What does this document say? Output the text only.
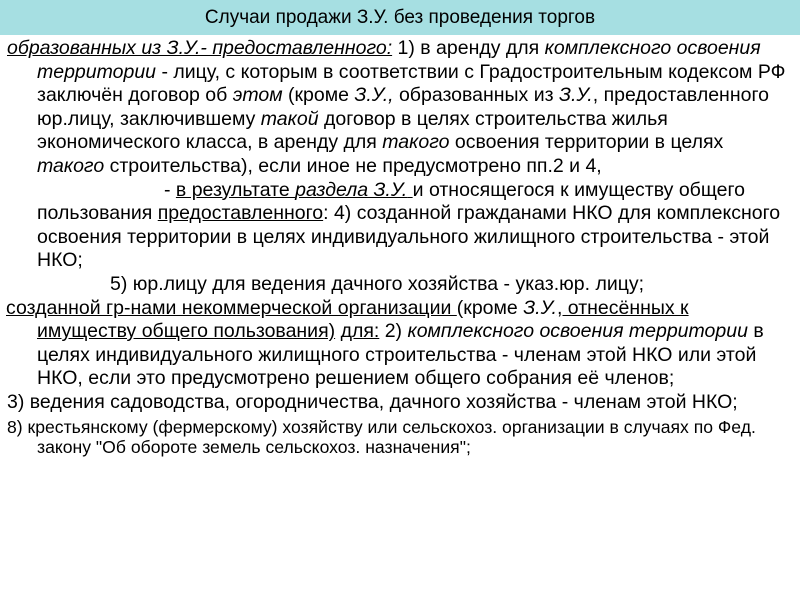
Случаи продажи З.У. без проведения торгов

образованных из З.У.- предоставленного: 1) в аренду для комплексного освоения территории - лицу, с которым в соответствии с Градостроительным кодексом РФ заключён договор об этом (кроме З.У., образованных из З.У., предоставленного юр.лицу, заключившему такой договор в целях строительства жилья экономического класса, в аренду для такого освоения территории в целях такого строительства), если иное не предусмотрено пп.2 и 4,

- в результате раздела З.У. и относящегося к имуществу общего пользования предоставленного: 4) созданной гражданами НКО для комплексного освоения территории в целях индивидуального жилищного строительства - этой НКО;

5) юр.лицу для ведения дачного хозяйства - указ.юр. лицу;

созданной гр-нами некоммерческой организации (кроме З.У., отнесённых к имуществу общего пользования) для: 2) комплексного освоения территории в целях индивидуального жилищного строительства - членам этой НКО или этой НКО, если это предусмотрено решением общего собрания её членов;

3) ведения садоводства, огородничества, дачного хозяйства - членам этой НКО;

8) крестьянскому (фермерскому) хозяйству или сельскохоз. организации в случаях по Фед. закону "Об обороте земель сельскохоз. назначения";
